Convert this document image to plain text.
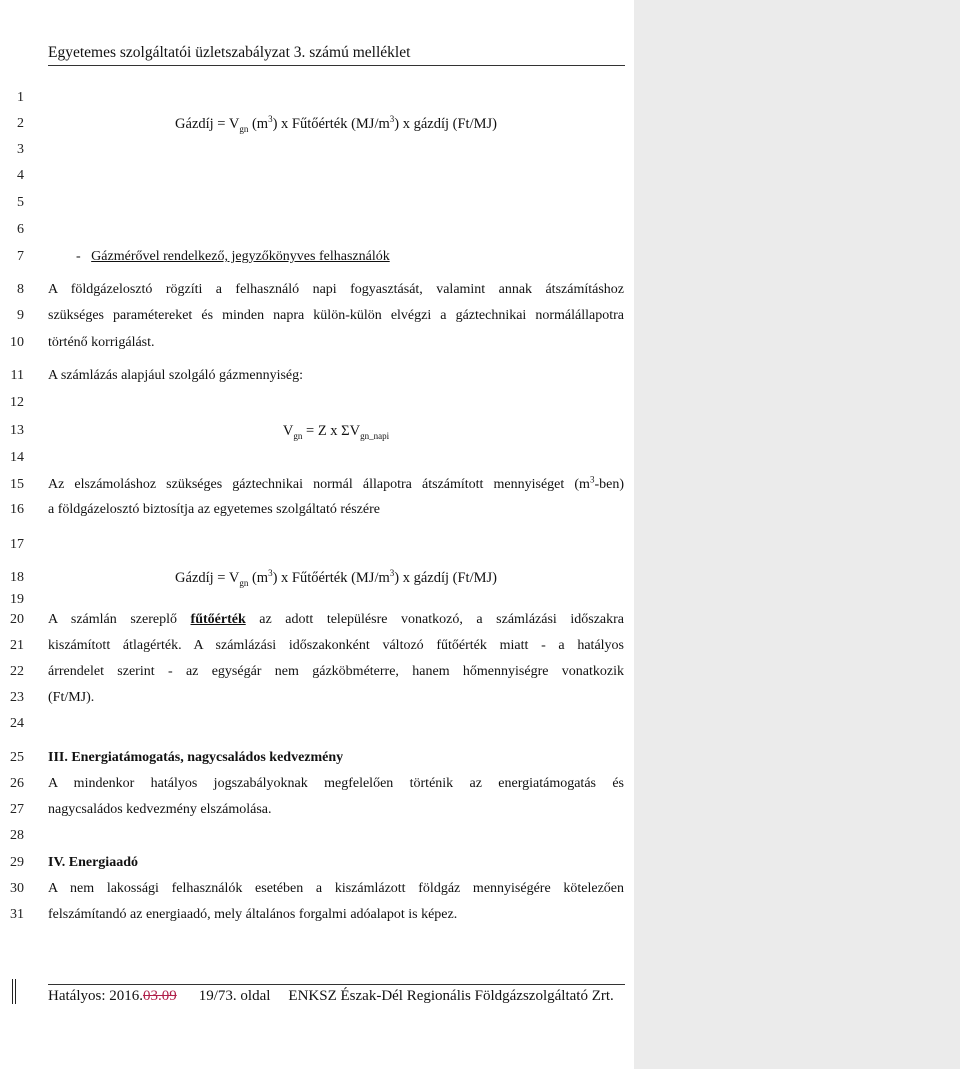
Egyetemes szolgáltatói üzletszabályzat 3. számú melléklet
1
2
3
4
5
6
7
8
9
10
11
12
13
14
15
16
17
18
19
20
21
22
23
24
25
26
27
28
29
30
31
Gázdíj = $V_{gn}$ $(m^3)$ x Fűtőérték $(MJ/m^3)$ x gázdíj (Ft/MJ)
- Gázmérővel rendelkező, jegyzőkönyves felhasználók
A földgázelosztó rögzíti a felhasználó napi fogyasztását, valamint annak átszámításhoz
szükséges paramétereket és minden napra külön-külön elvégzi a gáztechnikai normálállapotra
történő korrigálást.
A számlázás alapjául szolgáló gázmennyiség:
$V_{gn} = Z$ x $\Sigma V_{gn\_napi}$
Az elszámoláshoz szükséges gáztechnikai normál állapotra átszámított mennyiséget $(m^3-ben)$
a földgázelosztó biztosítja az egyetemes szolgáltató részére
Gázdíj = $V_{gn}$ $(m^3)$ x Fűtőérték $(MJ/m^3)$ x gázdíj (Ft/MJ)
A számlán szereplő fűtőérték az adott településre vonatkozó, a számlázási időszakra
kiszámított átlagérték. A számlázási időszakonként változó fűtőérték miatt - a hatályos
árrendelet szerint - az egységár nem gázköbméterre, hanem hőmennyiségre vonatkozik
(Ft/MJ).
III. Energiatámogatás, nagycsaládos kedvezmény
A mindenkor hatályos jogszabályoknak megfelelően történik az energiatámogatás és
nagycsaládos kedvezmény elszámolása.
IV. Energiaadó
A nem lakossági felhasználók esetében a kiszámlázott földgáz mennyiségére kötelezően
felszámítandó az energiaadó, mely általános forgalmi adóalapot is képez.
Hatályos: 2016.03.09 19/73. oldal ENKSZ Észak-Dél Regionális Földgázszolgáltató Zrt.
